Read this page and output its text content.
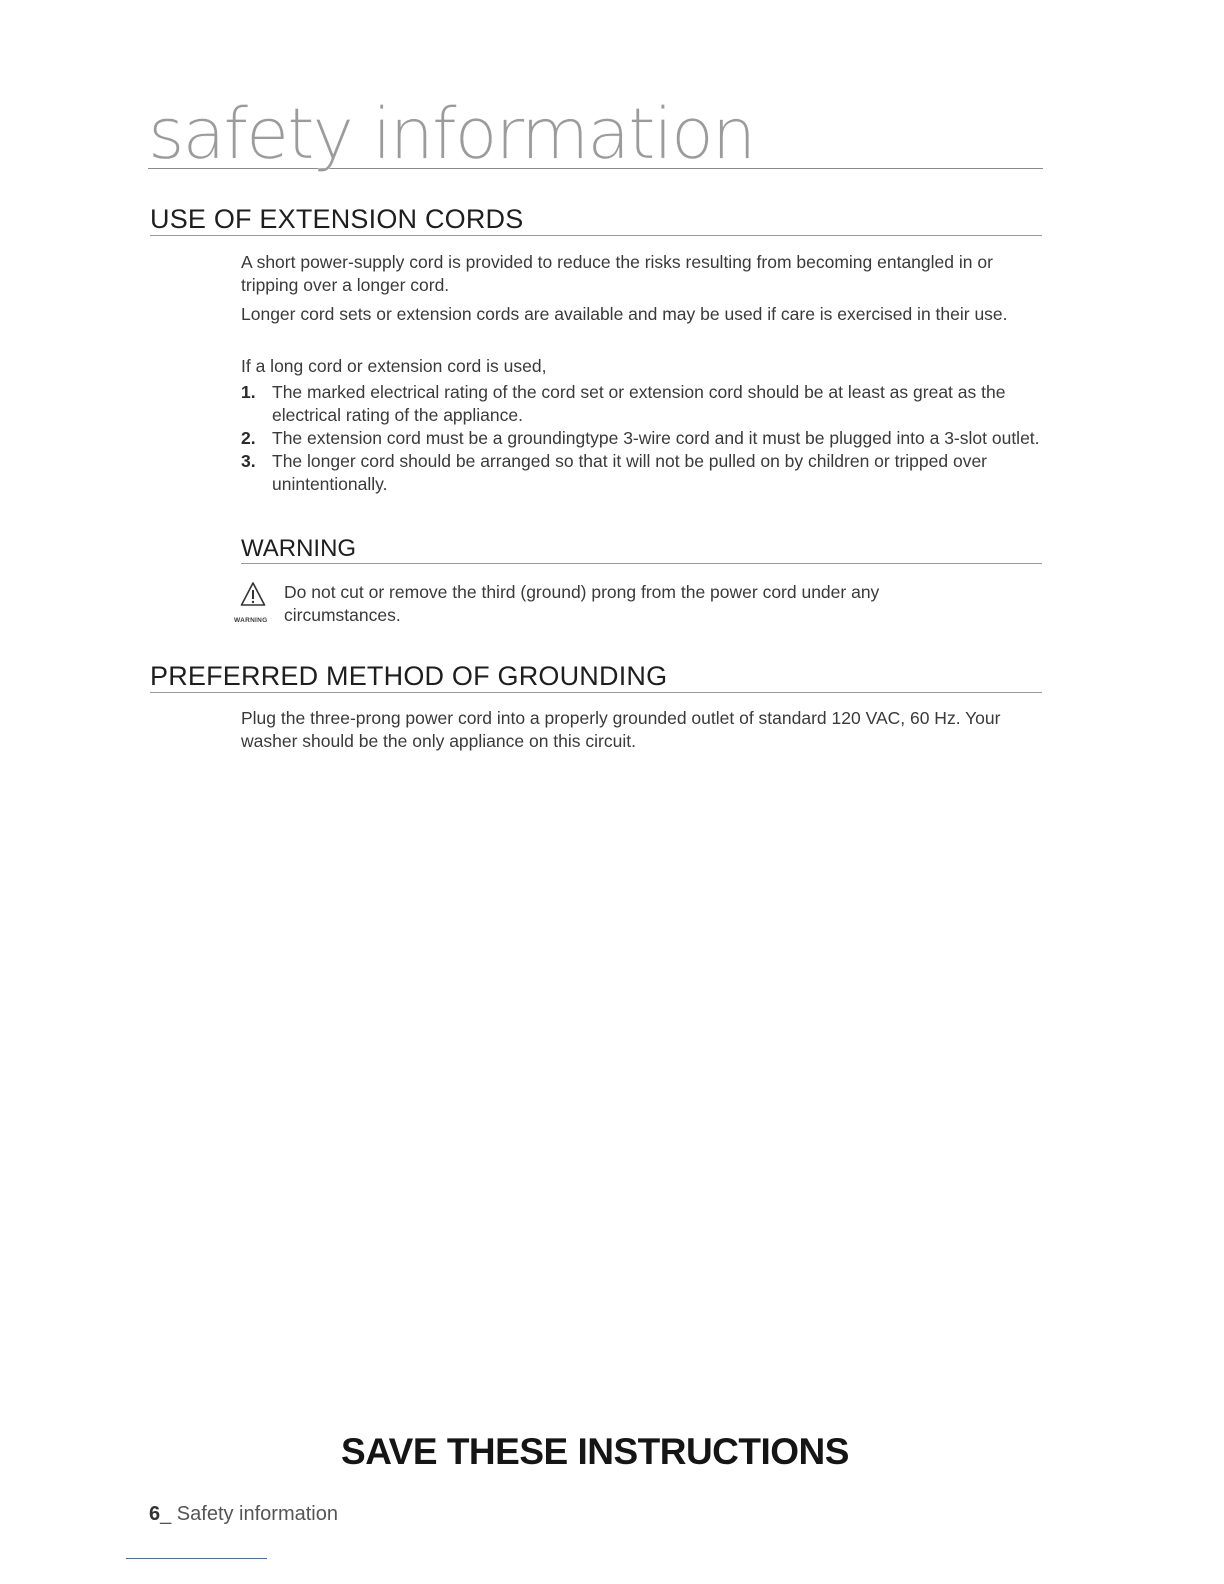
safety information
USE OF EXTENSION CORDS

A short power-supply cord is provided to reduce the risks resulting from becoming entangled in or tripping over a longer cord.

Longer cord sets or extension cords are available and may be used if care is exercised in their use.

If a long cord or extension cord is used,

1. The marked electrical rating of the cord set or extension cord should be at least as great as the electrical rating of the appliance.
2. The extension cord must be a groundingtype 3-wire cord and it must be plugged into a 3-slot outlet.
3. The longer cord should be arranged so that it will not be pulled on by children or tripped over unintentionally.
WARNING
WARNING
Do not cut or remove the third (ground) prong from the power cord under any circumstances.
PREFERRED METHOD OF GROUNDING

Plug the three-prong power cord into a properly grounded outlet of standard 120 VAC, 60 Hz. Your washer should be the only appliance on this circuit.

SAVE THESE INSTRUCTIONS
6_ Safety information
